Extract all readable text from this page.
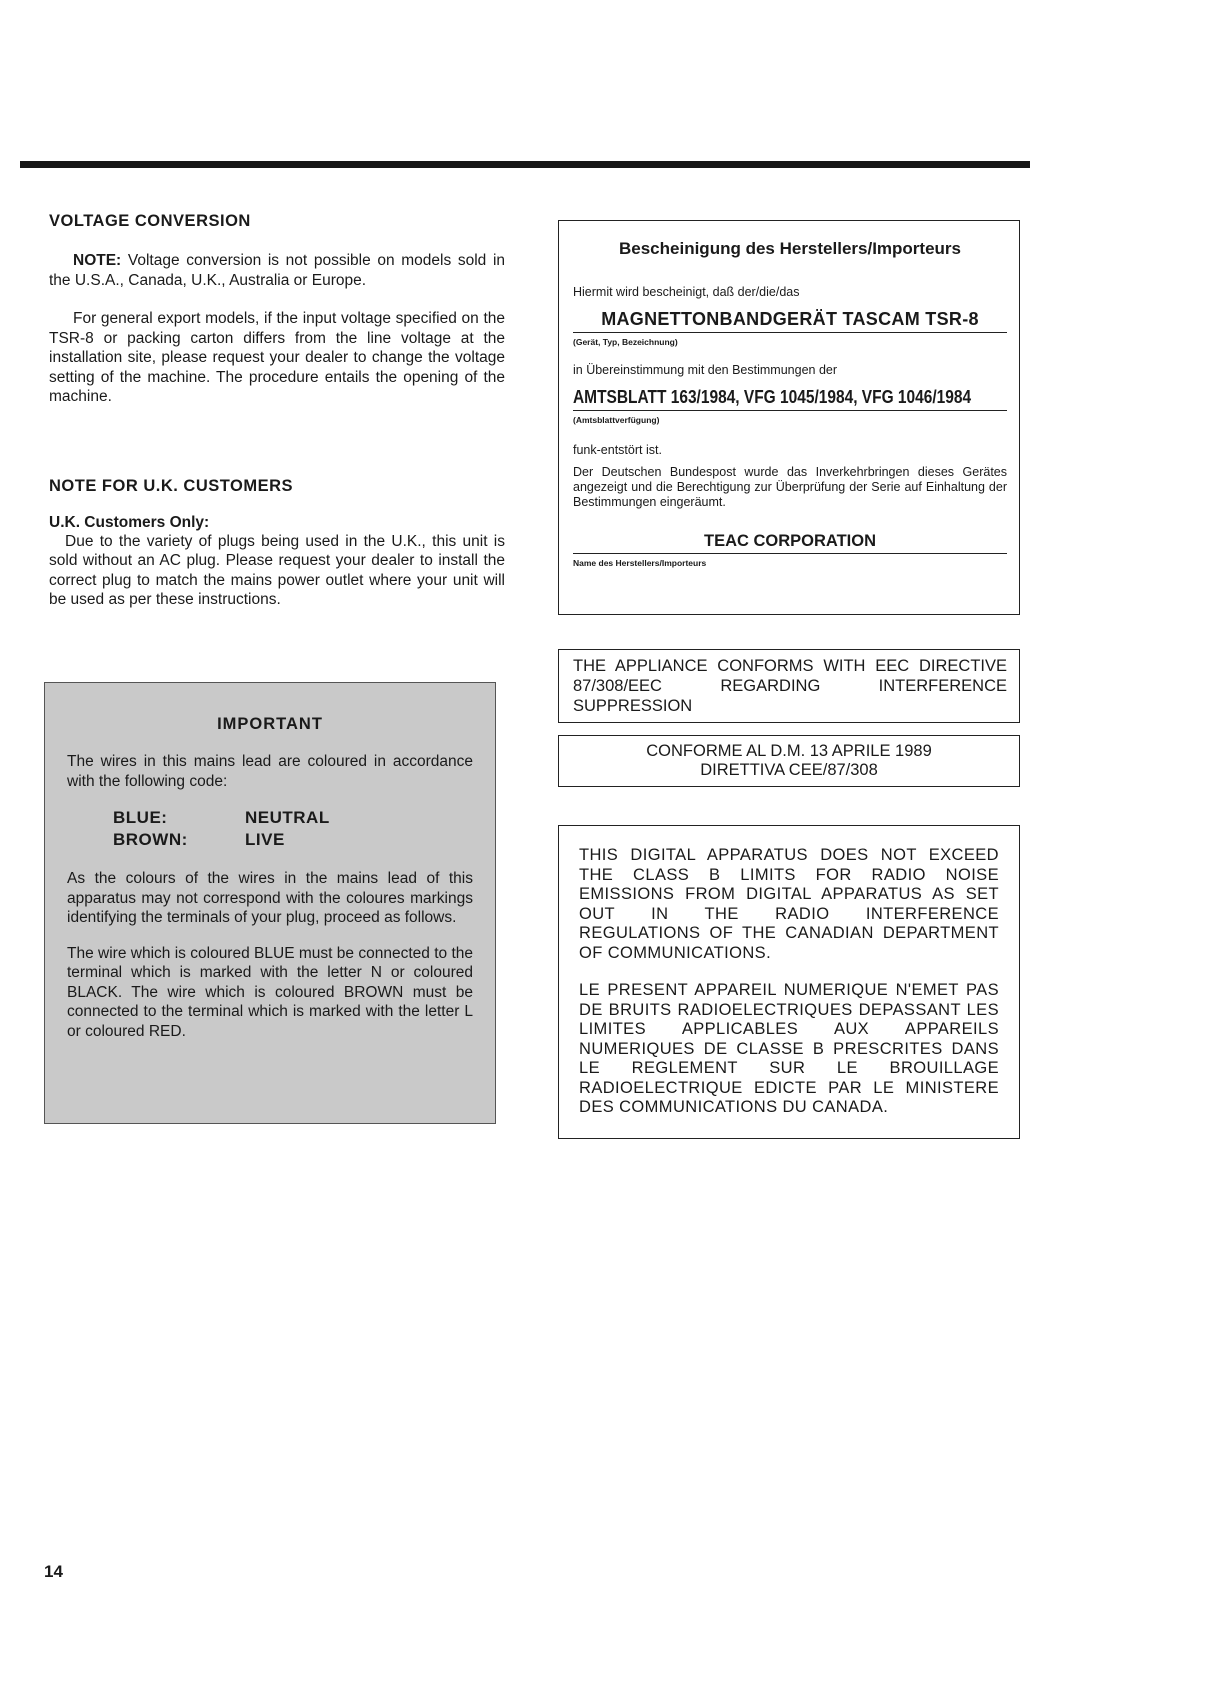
VOLTAGE CONVERSION

NOTE: Voltage conversion is not possible on models sold in the U.S.A., Canada, U.K., Australia or Europe.

For general export models, if the input voltage specified on the TSR-8 or packing carton differs from the line voltage at the installation site, please request your dealer to change the voltage setting of the machine. The procedure entails the opening of the machine.

NOTE FOR U.K. CUSTOMERS

U.K. Customers Only:

Due to the variety of plugs being used in the U.K., this unit is sold without an AC plug. Please request your dealer to install the correct plug to match the mains power outlet where your unit will be used as per these instructions.

IMPORTANT

The wires in this mains lead are coloured in accordance with the following code:

BLUE:	NEUTRAL
BROWN:	LIVE

As the colours of the wires in the mains lead of this apparatus may not correspond with the coloures markings identifying the terminals of your plug, proceed as follows.

The wire which is coloured BLUE must be connected to the terminal which is marked with the letter N or coloured BLACK. The wire which is coloured BROWN must be connected to the terminal which is marked with the letter L or coloured RED.

Bescheinigung des Herstellers/Importeurs

Hiermit wird bescheinigt, daß der/die/das

MAGNETTONBANDGERÄT TASCAM TSR-8

(Gerät, Typ, Bezeichnung)

in Übereinstimmung mit den Bestimmungen der

AMTSBLATT 163/1984, VFG 1045/1984, VFG 1046/1984

(Amtsblattverfügung)

funk-entstört ist.

Der Deutschen Bundespost wurde das Inverkehrbringen dieses Gerätes angezeigt und die Berechtigung zur Überprüfung der Serie auf Einhaltung der Bestimmungen eingeräumt.

TEAC CORPORATION

Name des Herstellers/Importeurs

THE APPLIANCE CONFORMS WITH EEC DIRECTIVE 87/308/EEC REGARDING INTERFERENCE SUPPRESSION
CONFORME AL D.M. 13 APRILE 1989
DIRETTIVA CEE/87/308

THIS DIGITAL APPARATUS DOES NOT EXCEED THE CLASS B LIMITS FOR RADIO NOISE EMISSIONS FROM DIGITAL APPARATUS AS SET OUT IN THE RADIO INTERFERENCE REGULATIONS OF THE CANADIAN DEPARTMENT OF COMMUNICATIONS.

LE PRESENT APPAREIL NUMERIQUE N'EMET PAS DE BRUITS RADIOELECTRIQUES DEPASSANT LES LIMITES APPLICABLES AUX APPAREILS NUMERIQUES DE CLASSE B PRESCRITES DANS LE REGLEMENT SUR LE BROUILLAGE RADIOELECTRIQUE EDICTE PAR LE MINISTERE DES COMMUNICATIONS DU CANADA.

14
